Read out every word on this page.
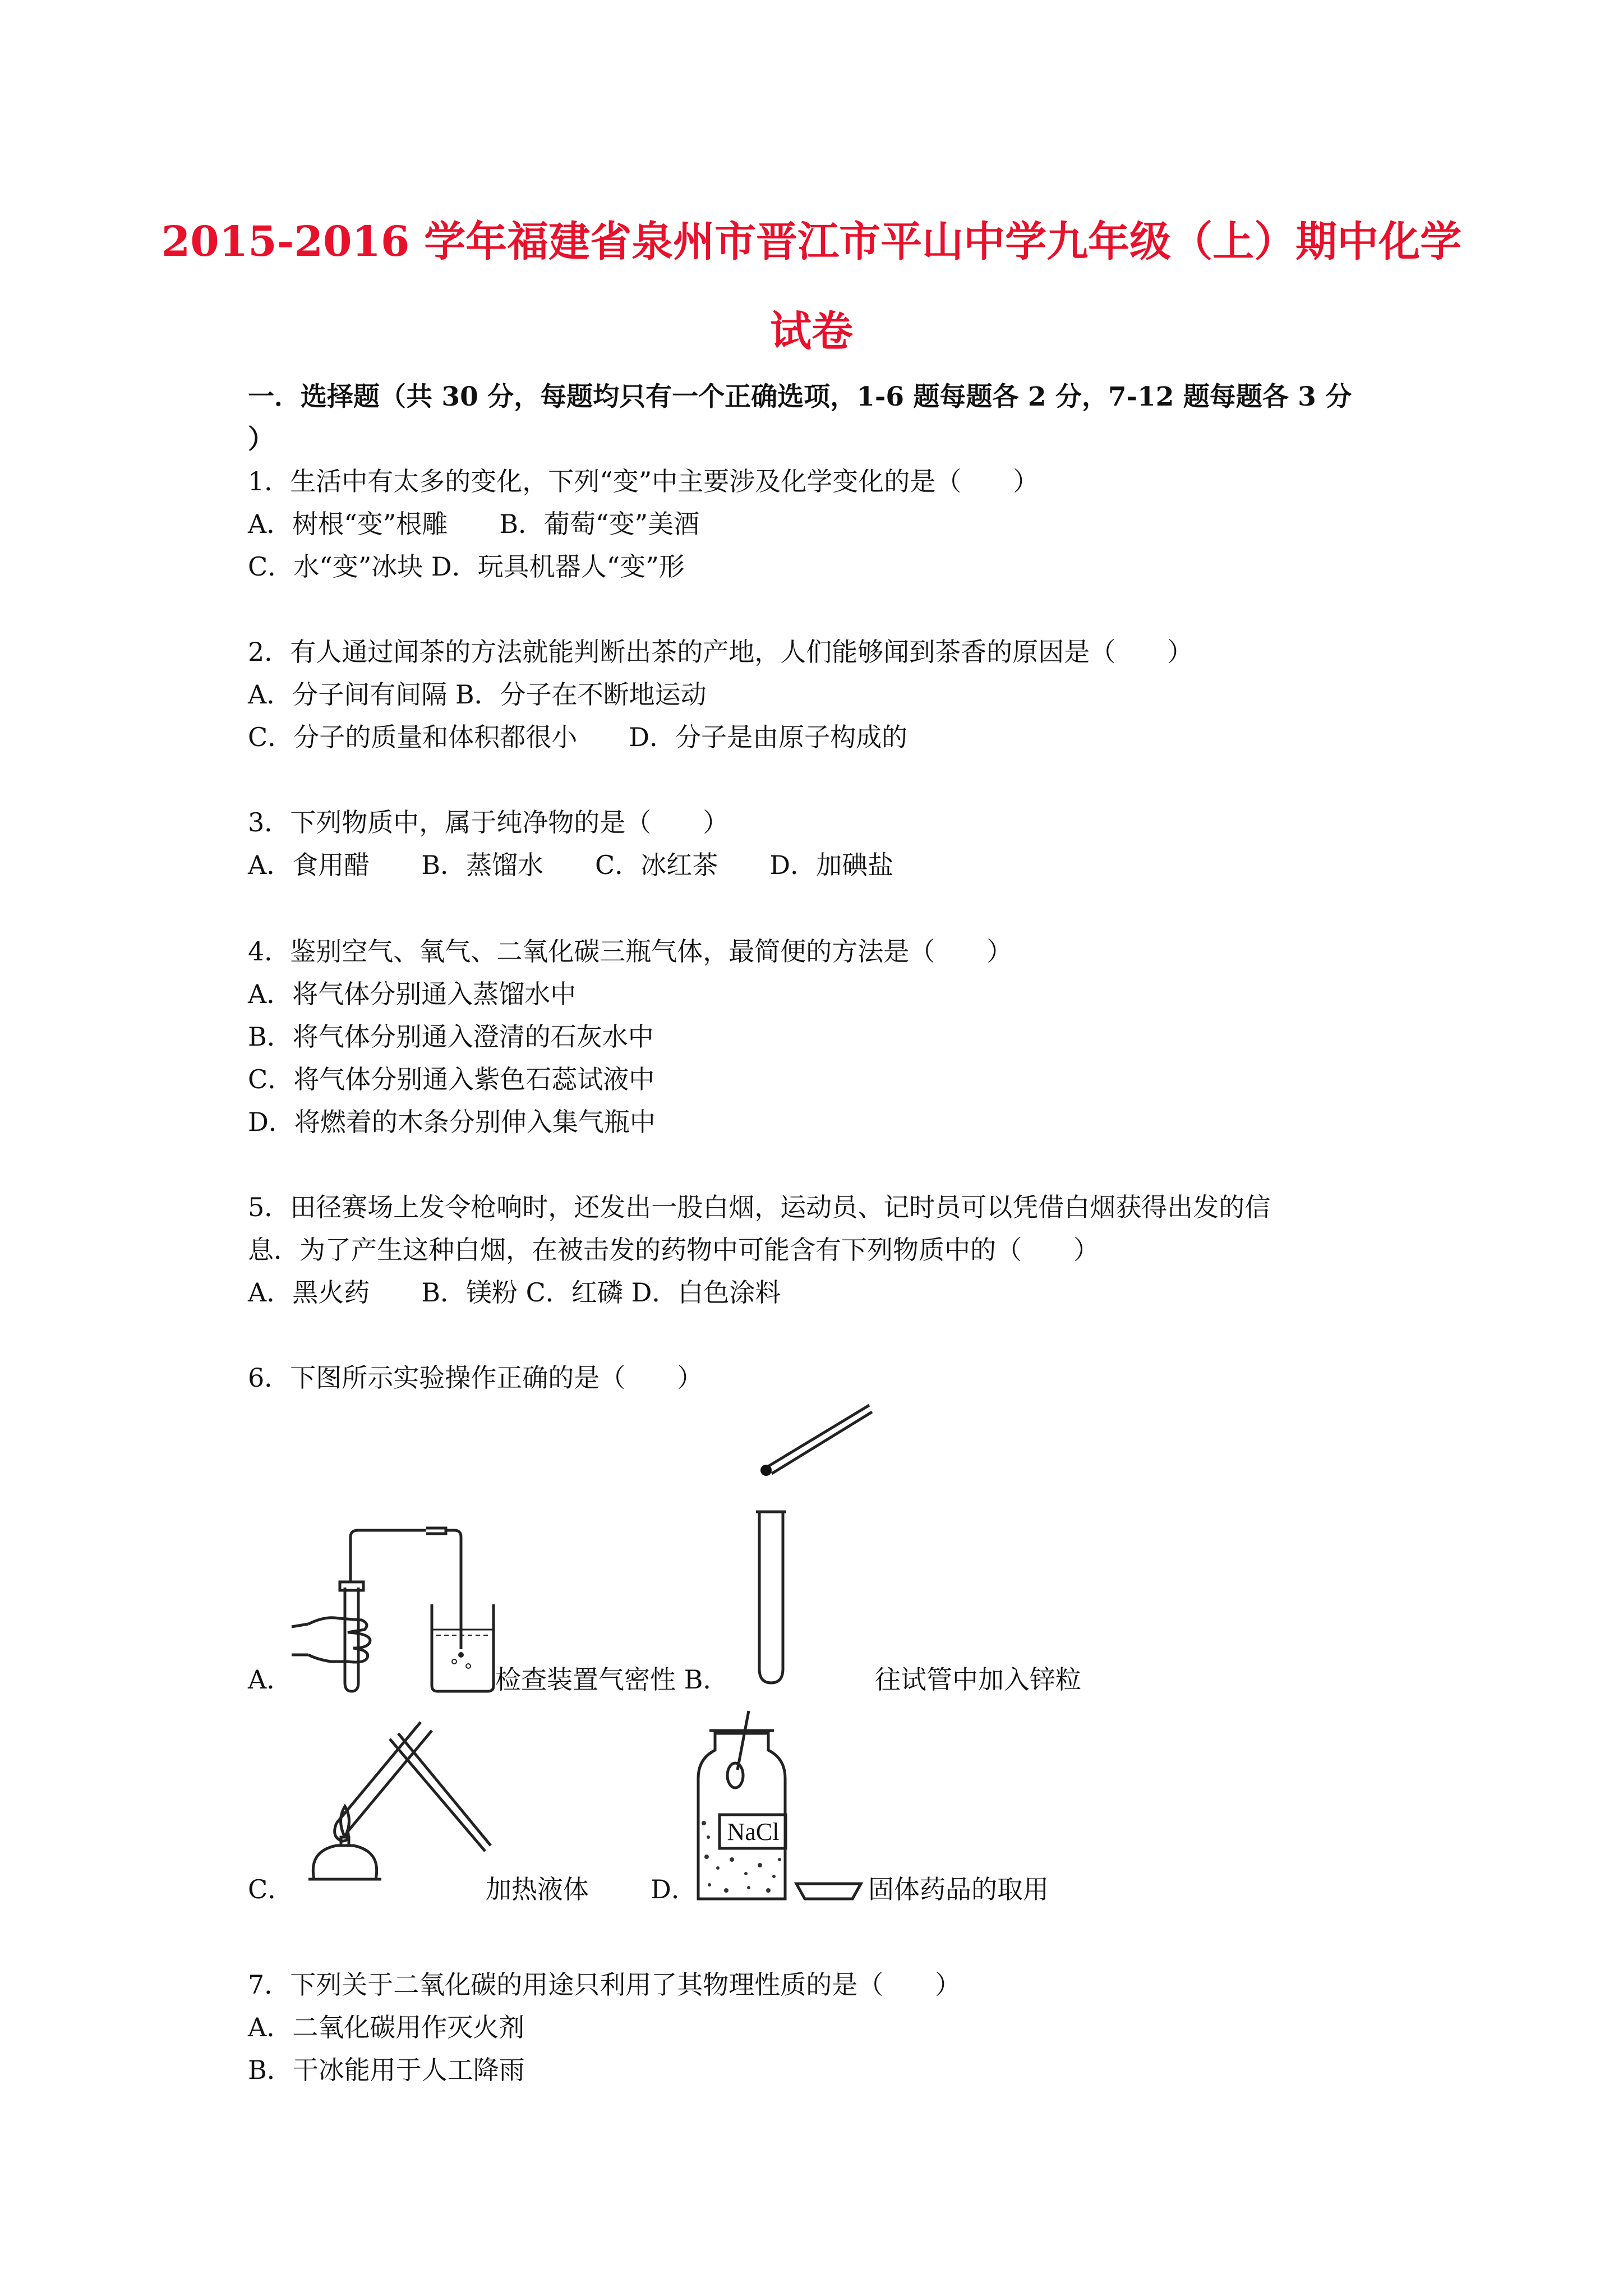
2015-2016 学年福建省泉州市晋江市平山中学九年级（上）期中化学
试卷
一．选择题（共 30 分，每题均只有一个正确选项，1-6 题每题各 2 分，7-12 题每题各 3 分
）
1．生活中有太多的变化，下列“变”中主要涉及化学变化的是（　　）
A．树根“变”根雕　　B．葡萄“变”美酒
C．水“变”冰块 D．玩具机器人“变”形
2．有人通过闻茶的方法就能判断出茶的产地，人们能够闻到茶香的原因是（　　）
A．分子间有间隔 B．分子在不断地运动
C．分子的质量和体积都很小　　D．分子是由原子构成的
3．下列物质中，属于纯净物的是（　　）
A．食用醋　　B．蒸馏水　　C．冰红茶　　D．加碘盐
4．鉴别空气、氧气、二氧化碳三瓶气体，最简便的方法是（　　）
A．将气体分别通入蒸馏水中
B．将气体分别通入澄清的石灰水中
C．将气体分别通入紫色石蕊试液中
D．将燃着的木条分别伸入集气瓶中
5．田径赛场上发令枪响时，还发出一股白烟，运动员、记时员可以凭借白烟获得出发的信
息．为了产生这种白烟，在被击发的药物中可能含有下列物质中的（　　）
A．黑火药　　B．镁粉 C．红磷 D．白色涂料
6．下图所示实验操作正确的是（　　）
A．	检查装置气密性 B．	往试管中加入锌粒
C．	加热液体 D．
NaCl
固体药品的取用
7．下列关于二氧化碳的用途只利用了其物理性质的是（　　）
A．二氧化碳用作灭火剂
B．干冰能用于人工降雨
